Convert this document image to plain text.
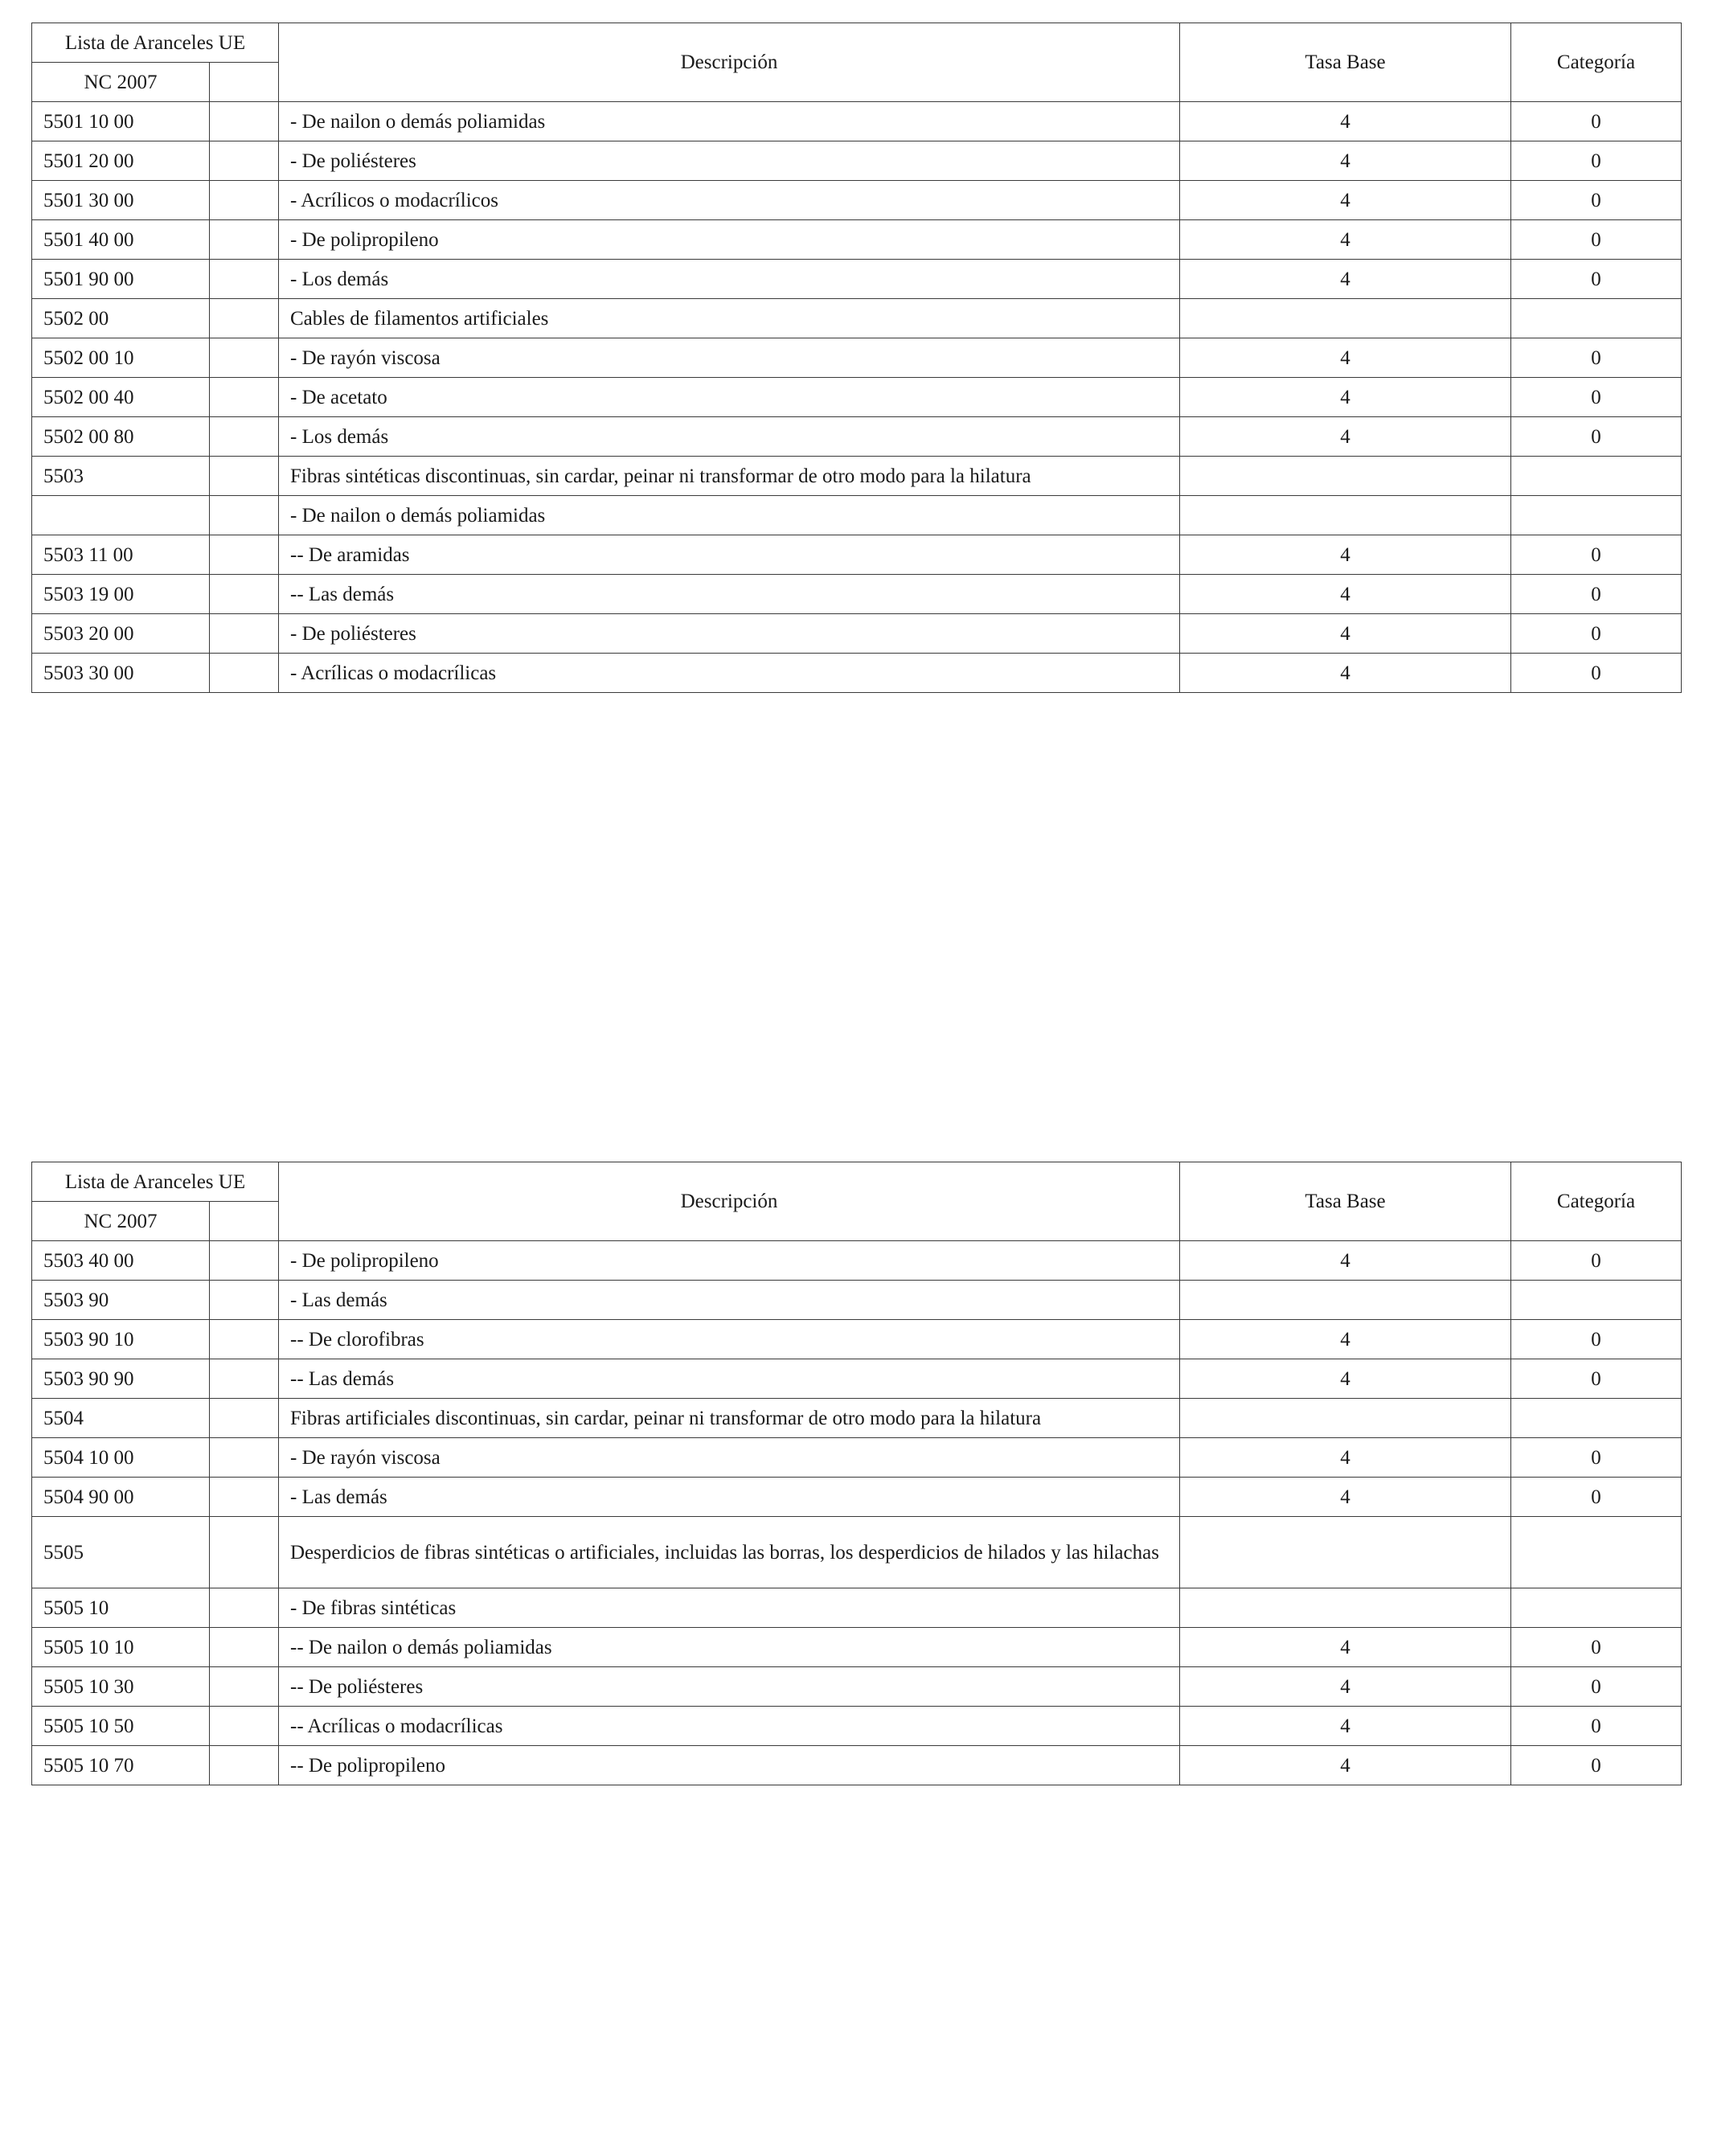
Lista de Aranceles UE		Descripción	Tasa Base	Categoría
NC 2007				
5501 10 00		- De nailon o demás poliamidas	4	0
5501 20 00		- De poliésteres	4	0
5501 30 00		- Acrílicos o modacrílicos	4	0
5501 40 00		- De polipropileno	4	0
5501 90 00		- Los demás	4	0
5502 00		Cables de filamentos artificiales		
5502 00 10		- De rayón viscosa	4	0
5502 00 40		- De acetato	4	0
5502 00 80		- Los demás	4	0
5503		Fibras sintéticas discontinuas, sin cardar, peinar ni transformar de otro modo para la hilatura		
		- De nailon o demás poliamidas		
5503 11 00		-- De aramidas	4	0
5503 19 00		-- Las demás	4	0
5503 20 00		- De poliésteres	4	0
5503 30 00		- Acrílicas o modacrílicas	4	0
Lista de Aranceles UE		Descripción	Tasa Base	Categoría
NC 2007				
5503 40 00		- De polipropileno	4	0
5503 90		- Las demás		
5503 90 10		-- De clorofibras	4	0
5503 90 90		-- Las demás	4	0
5504		Fibras artificiales discontinuas, sin cardar, peinar ni transformar de otro modo para la hilatura		
5504 10 00		- De rayón viscosa	4	0
5504 90 00		- Las demás	4	0
5505		Desperdicios de fibras sintéticas o artificiales, incluidas las borras, los desperdicios de hilados y las hilachas		
5505 10		- De fibras sintéticas		
5505 10 10		-- De nailon o demás poliamidas	4	0
5505 10 30		-- De poliésteres	4	0
5505 10 50		-- Acrílicas o modacrílicas	4	0
5505 10 70		-- De polipropileno	4	0
